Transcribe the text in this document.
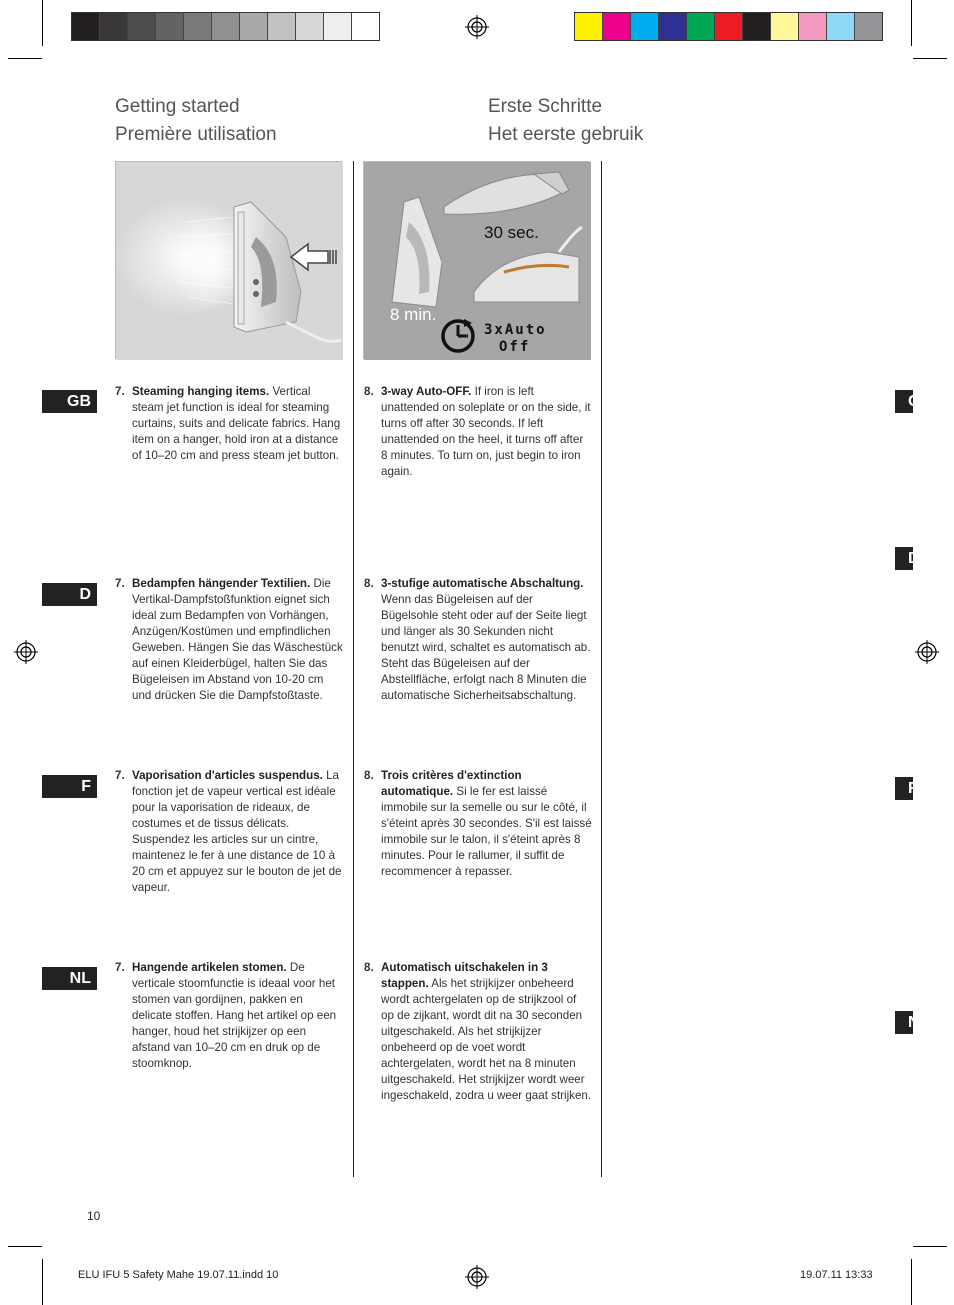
Getting started
Première utilisation
Erste Schritte
Het eerste gebruik
30 sec.
8 min.
3xAuto
Off
GB
D
F
NL
G
D
F
N
7. Steaming hanging items. Vertical steam jet function is ideal for steaming curtains, suits and delicate fabrics. Hang item on a hanger, hold iron at a distance of 10–20 cm and press steam jet button.
8. 3-way Auto-OFF. If iron is left unattended on soleplate or on the side, it turns off after 30 seconds. If left unattended on the heel, it turns off after 8 minutes. To turn on, just begin to iron again.
7. Bedampfen hängender Textilien. Die Vertikal-Dampfstoßfunktion eignet sich ideal zum Bedampfen von Vorhängen, Anzügen/Kostümen und empfindlichen Geweben. Hängen Sie das Wäschestück auf einen Kleiderbügel, halten Sie das Bügeleisen im Abstand von 10-20 cm und drücken Sie die Dampfstoßtaste.
8. 3-stufige automatische Abschaltung. Wenn das Bügeleisen auf der Bügelsohle steht oder auf der Seite liegt und länger als 30 Sekunden nicht benutzt wird, schaltet es automatisch ab. Steht das Bügeleisen auf der Abstellfläche, erfolgt nach 8 Minuten die automatische Sicherheitsabschaltung.
7. Vaporisation d'articles suspendus. La fonction jet de vapeur vertical est idéale pour la vaporisation de rideaux, de costumes et de tissus délicats. Suspendez les articles sur un cintre, maintenez le fer à une distance de 10 à 20 cm et appuyez sur le bouton de jet de vapeur.
8. Trois critères d'extinction automatique. Si le fer est laissé immobile sur la semelle ou sur le côté, il s'éteint après 30 secondes. S'il est laissé immobile sur le talon, il s'éteint après 8 minutes. Pour le rallumer, il suffit de recommencer à repasser.
7. Hangende artikelen stomen. De verticale stoomfunctie is ideaal voor het stomen van gordijnen, pakken en delicate stoffen. Hang het artikel op een hanger, houd het strijkijzer op een afstand van 10–20 cm en druk op de stoomknop.
8. Automatisch uitschakelen in 3 stappen. Als het strijkijzer onbeheerd wordt achtergelaten op de strijkzool of op de zijkant, wordt dit na 30 seconden uitgeschakeld. Als het strijkijzer onbeheerd op de voet wordt achtergelaten, wordt het na 8 minuten uitgeschakeld. Het strijkijzer wordt weer ingeschakeld, zodra u weer gaat strijken.
10
ELU IFU 5 Safety Mahe 19.07.11.indd 10	19.07.11 13:33
